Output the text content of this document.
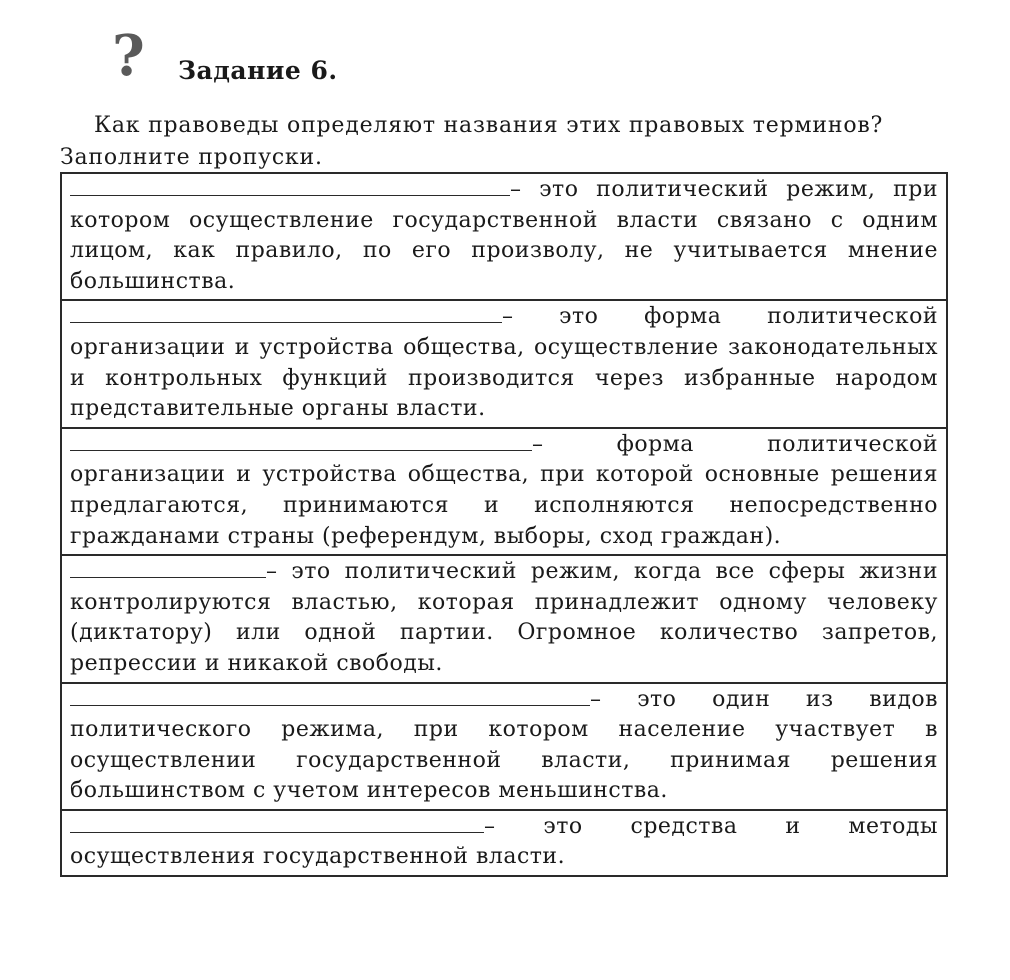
? Задание 6.

Как правоведы определяют названия этих правовых терминов? Заполните пропуски.

– это политический режим, при котором осуществление государственной власти связано с одним лицом, как правило, по его произволу, не учитывается мнение большинства.
– это форма политической организации и устройства общества, осуществление законодательных и контрольных функций производится через избранные народом представительные органы власти.
– форма политической организации и устройства общества, при которой основные решения предлагаются, принимаются и исполняются непосредственно гражданами страны (референдум, выборы, сход граждан).
– это политический режим, когда все сферы жизни контролируются властью, которая принадлежит одному человеку (диктатору) или одной партии. Огромное количество запретов, репрессии и никакой свободы.
– это один из видов политического режима, при котором население участвует в осуществлении государственной власти, принимая решения большинством с учетом интересов меньшинства.
– это средства и методы осуществления государственной власти.
